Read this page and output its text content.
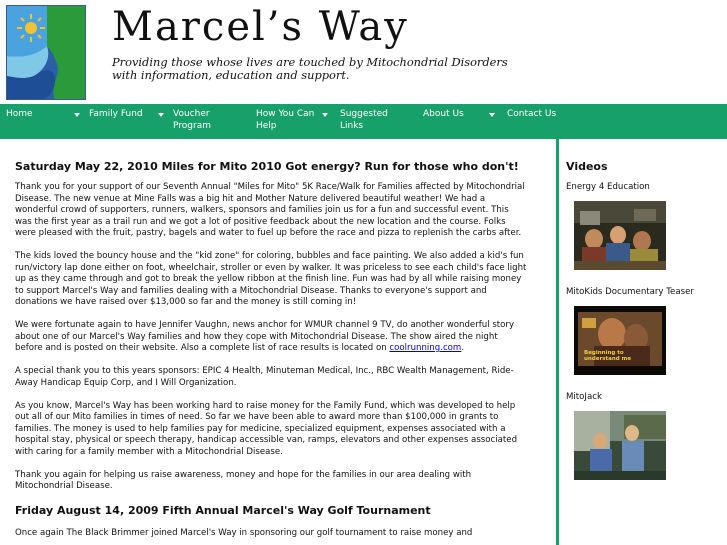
Marcel’s Way
Providing those whose lives are touched by Mitochondrial Disorders with information, education and support.
Home	Family Fund	Voucher Program
How You Can Help
Suggested Links
About Us	Contact Us
Saturday May 22, 2010 Miles for Mito 2010 Got energy? Run for those who don't!

Thank you for your support of our Seventh Annual "Miles for Mito" 5K Race/Walk for Families affected by Mitochondrial Disease. The new venue at Mine Falls was a big hit and Mother Nature delivered beautiful weather! We had a wonderful crowd of supporters, runners, walkers, sponsors and families join us for a fun and successful event. This was the first year as a trail run and we got a lot of positive feedback about the new location and the course. Folks were pleased with the fruit, pastry, bagels and water to fuel up before the race and pizza to replenish the carbs after.

The kids loved the bouncy house and the "kid zone" for coloring, bubbles and face painting. We also added a kid's fun run/victory lap done either on foot, wheelchair, stroller or even by walker. It was priceless to see each child's face light up as they came through and got to break the yellow ribbon at the finish line. Fun was had by all while raising money to support Marcel's Way and families dealing with a Mitochondrial Disease. Thanks to everyone's support and donations we have raised over $13,000 so far and the money is still coming in!

We were fortunate again to have Jennifer Vaughn, news anchor for WMUR channel 9 TV, do another wonderful story about one of our Marcel's Way families and how they cope with Mitochondrial Disease. The show aired the night before and is posted on their website. Also a complete list of race results is located on coolrunning.com.

A special thank you to this years sponsors: EPIC 4 Health, Minuteman Medical, Inc., RBC Wealth Management, Ride-Away Handicap Equip Corp, and I Will Organization.

As you know, Marcel's Way has been working hard to raise money for the Family Fund, which was developed to help out all of our Mito families in times of need. So far we have been able to award more than $100,000 in grants to families. The money is used to help families pay for medicine, specialized equipment, expenses associated with a hospital stay, physical or speech therapy, handicap accessible van, ramps, elevators and other expenses associated with caring for a family member with a Mitochondrial Disease.

Thank you again for helping us raise awareness, money and hope for the families in our area dealing with Mitochondrial Disease.

Friday August 14, 2009 Fifth Annual Marcel's Way Golf Tournament

Once again The Black Brimmer joined Marcel's Way in sponsoring our golf tournament to raise money and

Videos
Energy 4 Education
MitoKids Documentary Teaser
Beginning to understand me
MitoJack
